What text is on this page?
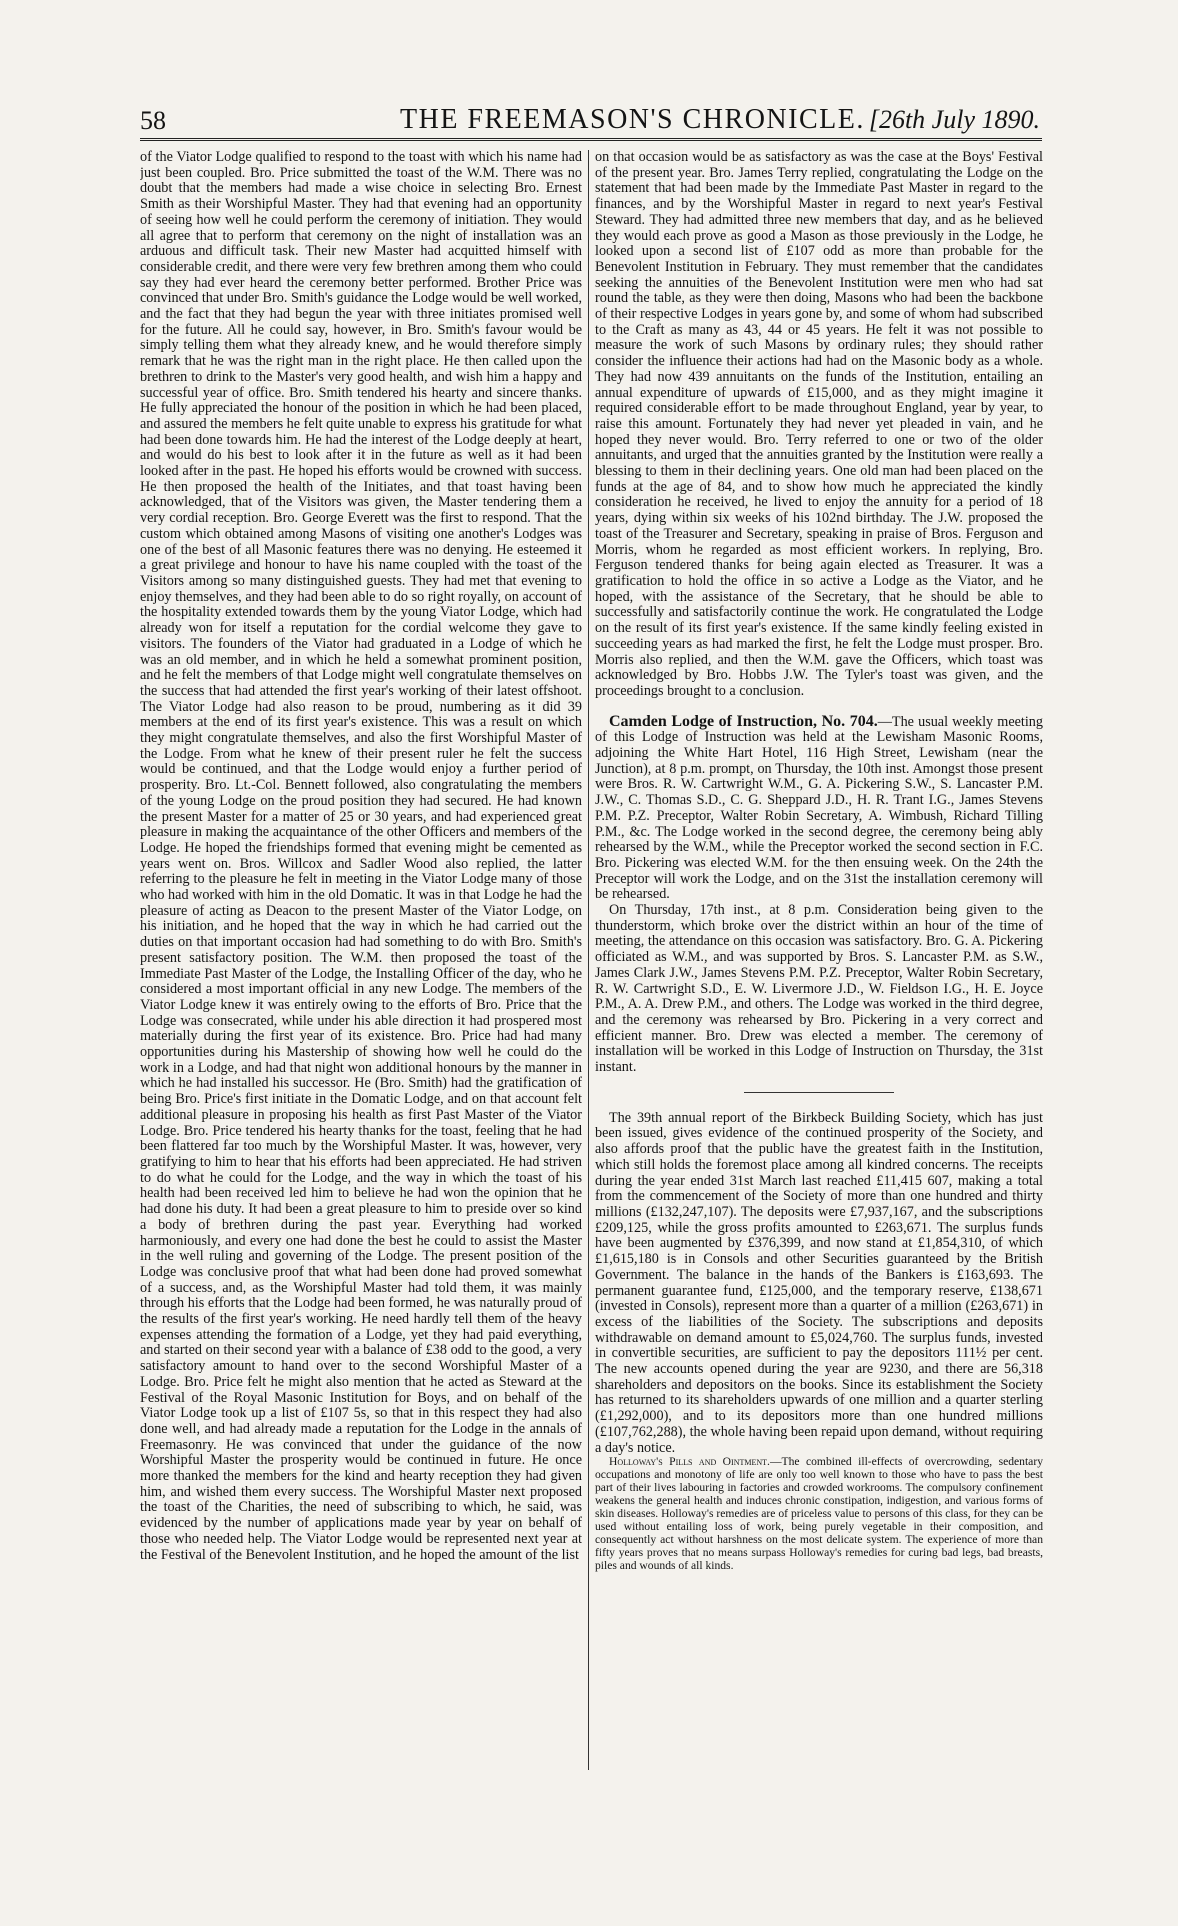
58	THE FREEMASON'S CHRONICLE. [26th July 1890.

of the Viator Lodge qualified to respond to the toast with which his name had just been coupled. Bro. Price submitted the toast of the W.M. There was no doubt that the members had made a wise choice in selecting Bro. Ernest Smith as their Worshipful Master. They had that evening had an opportunity of seeing how well he could perform the ceremony of initiation. They would all agree that to perform that ceremony on the night of installation was an arduous and difficult task. Their new Master had acquitted himself with considerable credit, and there were very few brethren among them who could say they had ever heard the ceremony better performed. Brother Price was convinced that under Bro. Smith's guidance the Lodge would be well worked, and the fact that they had begun the year with three initiates promised well for the future. All he could say, however, in Bro. Smith's favour would be simply telling them what they already knew, and he would therefore simply remark that he was the right man in the right place. He then called upon the brethren to drink to the Master's very good health, and wish him a happy and successful year of office. Bro. Smith tendered his hearty and sincere thanks. He fully appreciated the honour of the position in which he had been placed, and assured the members he felt quite unable to express his gratitude for what had been done towards him. He had the interest of the Lodge deeply at heart, and would do his best to look after it in the future as well as it had been looked after in the past. He hoped his efforts would be crowned with success. He then proposed the health of the Initiates, and that toast having been acknowledged, that of the Visitors was given, the Master tendering them a very cordial reception. Bro. George Everett was the first to respond. That the custom which obtained among Masons of visiting one another's Lodges was one of the best of all Masonic features there was no denying. He esteemed it a great privilege and honour to have his name coupled with the toast of the Visitors among so many distinguished guests. They had met that evening to enjoy themselves, and they had been able to do so right royally, on account of the hospitality extended towards them by the young Viator Lodge, which had already won for itself a reputation for the cordial welcome they gave to visitors. The founders of the Viator had graduated in a Lodge of which he was an old member, and in which he held a somewhat prominent position, and he felt the members of that Lodge might well congratulate themselves on the success that had attended the first year's working of their latest offshoot. The Viator Lodge had also reason to be proud, numbering as it did 39 members at the end of its first year's existence. This was a result on which they might congratulate themselves, and also the first Worshipful Master of the Lodge. From what he knew of their present ruler he felt the success would be continued, and that the Lodge would enjoy a further period of prosperity. Bro. Lt.-Col. Bennett followed, also congratulating the members of the young Lodge on the proud position they had secured. He had known the present Master for a matter of 25 or 30 years, and had experienced great pleasure in making the acquaintance of the other Officers and members of the Lodge. He hoped the friendships formed that evening might be cemented as years went on. Bros. Willcox and Sadler Wood also replied, the latter referring to the pleasure he felt in meeting in the Viator Lodge many of those who had worked with him in the old Domatic. It was in that Lodge he had the pleasure of acting as Deacon to the present Master of the Viator Lodge, on his initiation, and he hoped that the way in which he had carried out the duties on that important occasion had had something to do with Bro. Smith's present satisfactory position. The W.M. then proposed the toast of the Immediate Past Master of the Lodge, the Installing Officer of the day, who he considered a most important official in any new Lodge. The members of the Viator Lodge knew it was entirely owing to the efforts of Bro. Price that the Lodge was consecrated, while under his able direction it had prospered most materially during the first year of its existence. Bro. Price had had many opportunities during his Mastership of showing how well he could do the work in a Lodge, and had that night won additional honours by the manner in which he had installed his successor. He (Bro. Smith) had the gratification of being Bro. Price's first initiate in the Domatic Lodge, and on that account felt additional pleasure in proposing his health as first Past Master of the Viator Lodge. Bro. Price tendered his hearty thanks for the toast, feeling that he had been flattered far too much by the Worshipful Master. It was, however, very gratifying to him to hear that his efforts had been appreciated. He had striven to do what he could for the Lodge, and the way in which the toast of his health had been received led him to believe he had won the opinion that he had done his duty. It had been a great pleasure to him to preside over so kind a body of brethren during the past year. Everything had worked harmoniously, and every one had done the best he could to assist the Master in the well ruling and governing of the Lodge. The present position of the Lodge was conclusive proof that what had been done had proved somewhat of a success, and, as the Worshipful Master had told them, it was mainly through his efforts that the Lodge had been formed, he was naturally proud of the results of the first year's working. He need hardly tell them of the heavy expenses attending the formation of a Lodge, yet they had paid everything, and started on their second year with a balance of £38 odd to the good, a very satisfactory amount to hand over to the second Worshipful Master of a Lodge. Bro. Price felt he might also mention that he acted as Steward at the Festival of the Royal Masonic Institution for Boys, and on behalf of the Viator Lodge took up a list of £107 5s, so that in this respect they had also done well, and had already made a reputation for the Lodge in the annals of Freemasonry. He was convinced that under the guidance of the now Worshipful Master the prosperity would be continued in future. He once more thanked the members for the kind and hearty reception they had given him, and wished them every success. The Worshipful Master next proposed the toast of the Charities, the need of subscribing to which, he said, was evidenced by the number of applications made year by year on behalf of those who needed help. The Viator Lodge would be represented next year at the Festival of the Benevolent Institution, and he hoped the amount of the list

on that occasion would be as satisfactory as was the case at the Boys' Festival of the present year. Bro. James Terry replied, congratulating the Lodge on the statement that had been made by the Immediate Past Master in regard to the finances, and by the Worshipful Master in regard to next year's Festival Steward. They had admitted three new members that day, and as he believed they would each prove as good a Mason as those previously in the Lodge, he looked upon a second list of £107 odd as more than probable for the Benevolent Institution in February. They must remember that the candidates seeking the annuities of the Benevolent Institution were men who had sat round the table, as they were then doing, Masons who had been the backbone of their respective Lodges in years gone by, and some of whom had subscribed to the Craft as many as 43, 44 or 45 years. He felt it was not possible to measure the work of such Masons by ordinary rules; they should rather consider the influence their actions had had on the Masonic body as a whole. They had now 439 annuitants on the funds of the Institution, entailing an annual expenditure of upwards of £15,000, and as they might imagine it required considerable effort to be made throughout England, year by year, to raise this amount. Fortunately they had never yet pleaded in vain, and he hoped they never would. Bro. Terry referred to one or two of the older annuitants, and urged that the annuities granted by the Institution were really a blessing to them in their declining years. One old man had been placed on the funds at the age of 84, and to show how much he appreciated the kindly consideration he received, he lived to enjoy the annuity for a period of 18 years, dying within six weeks of his 102nd birthday. The J.W. proposed the toast of the Treasurer and Secretary, speaking in praise of Bros. Ferguson and Morris, whom he regarded as most efficient workers. In replying, Bro. Ferguson tendered thanks for being again elected as Treasurer. It was a gratification to hold the office in so active a Lodge as the Viator, and he hoped, with the assistance of the Secretary, that he should be able to successfully and satisfactorily continue the work. He congratulated the Lodge on the result of its first year's existence. If the same kindly feeling existed in succeeding years as had marked the first, he felt the Lodge must prosper. Bro. Morris also replied, and then the W.M. gave the Officers, which toast was acknowledged by Bro. Hobbs J.W. The Tyler's toast was given, and the proceedings brought to a conclusion.

Camden Lodge of Instruction, No. 704.—The usual weekly meeting of this Lodge of Instruction was held at the Lewisham Masonic Rooms, adjoining the White Hart Hotel, 116 High Street, Lewisham (near the Junction), at 8 p.m. prompt, on Thursday, the 10th inst. Amongst those present were Bros. R. W. Cartwright W.M., G. A. Pickering S.W., S. Lancaster P.M. J.W., C. Thomas S.D., C. G. Sheppard J.D., H. R. Trant I.G., James Stevens P.M. P.Z. Preceptor, Walter Robin Secretary, A. Wimbush, Richard Tilling P.M., &c. The Lodge worked in the second degree, the ceremony being ably rehearsed by the W.M., while the Preceptor worked the second section in F.C. Bro. Pickering was elected W.M. for the then ensuing week. On the 24th the Preceptor will work the Lodge, and on the 31st the installation ceremony will be rehearsed.

On Thursday, 17th inst., at 8 p.m. Consideration being given to the thunderstorm, which broke over the district within an hour of the time of meeting, the attendance on this occasion was satisfactory. Bro. G. A. Pickering officiated as W.M., and was supported by Bros. S. Lancaster P.M. as S.W., James Clark J.W., James Stevens P.M. P.Z. Preceptor, Walter Robin Secretary, R. W. Cartwright S.D., E. W. Livermore J.D., W. Fieldson I.G., H. E. Joyce P.M., A. A. Drew P.M., and others. The Lodge was worked in the third degree, and the ceremony was rehearsed by Bro. Pickering in a very correct and efficient manner. Bro. Drew was elected a member. The ceremony of installation will be worked in this Lodge of Instruction on Thursday, the 31st instant.

The 39th annual report of the Birkbeck Building Society, which has just been issued, gives evidence of the continued prosperity of the Society, and also affords proof that the public have the greatest faith in the Institution, which still holds the foremost place among all kindred concerns. The receipts during the year ended 31st March last reached £11,415 607, making a total from the commencement of the Society of more than one hundred and thirty millions (£132,247,107). The deposits were £7,937,167, and the subscriptions £209,125, while the gross profits amounted to £263,671. The surplus funds have been augmented by £376,399, and now stand at £1,854,310, of which £1,615,180 is in Consols and other Securities guaranteed by the British Government. The balance in the hands of the Bankers is £163,693. The permanent guarantee fund, £125,000, and the temporary reserve, £138,671 (invested in Consols), represent more than a quarter of a million (£263,671) in excess of the liabilities of the Society. The subscriptions and deposits withdrawable on demand amount to £5,024,760. The surplus funds, invested in convertible securities, are sufficient to pay the depositors 111½ per cent. The new accounts opened during the year are 9230, and there are 56,318 shareholders and depositors on the books. Since its establishment the Society has returned to its shareholders upwards of one million and a quarter sterling (£1,292,000), and to its depositors more than one hundred millions (£107,762,288), the whole having been repaid upon demand, without requiring a day's notice.

Holloway's Pills and Ointment.—The combined ill-effects of overcrowding, sedentary occupations and monotony of life are only too well known to those who have to pass the best part of their lives labouring in factories and crowded workrooms. The compulsory confinement weakens the general health and induces chronic constipation, indigestion, and various forms of skin diseases. Holloway's remedies are of priceless value to persons of this class, for they can be used without entailing loss of work, being purely vegetable in their composition, and consequently act without harshness on the most delicate system. The experience of more than fifty years proves that no means surpass Holloway's remedies for curing bad legs, bad breasts, piles and wounds of all kinds.
